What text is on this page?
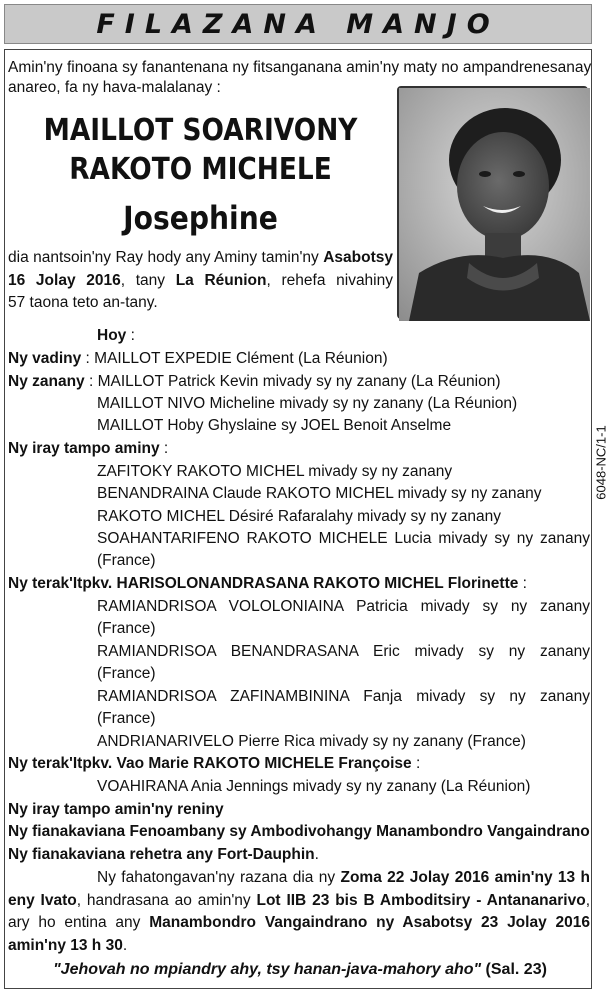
FILAZANA MANJO
Amin'ny finoana sy fanantenana ny fitsanganana amin'ny maty no ampandrenesanay
anareo, fa ny hava-malalanay :
MAILLOT SOARIVONY
RAKOTO MICHELE
Josephine
dia nantsoin'ny Ray hody any Aminy tamin'ny Asabotsy
16 Jolay 2016, tany La Réunion, rehefa nivahiny
57 taona teto an-tany.
Hoy :
Ny vadiny : MAILLOT EXPEDIE Clément (La Réunion)
Ny zanany : MAILLOT Patrick Kevin mivady sy ny zanany (La Réunion)
MAILLOT NIVO Micheline mivady sy ny zanany (La Réunion)
MAILLOT Hoby Ghyslaine sy JOEL Benoit Anselme
Ny iray tampo aminy :
ZAFITOKY RAKOTO MICHEL mivady sy ny zanany
BENANDRAINA Claude RAKOTO MICHEL mivady sy ny zanany
RAKOTO MICHEL Désiré Rafaralahy mivady sy ny zanany
SOAHANTARIFENO RAKOTO MICHELE Lucia mivady sy ny zanany
(France)
Ny terak'Itpkv. HARISOLONANDRASANA RAKOTO MICHEL Florinette :
RAMIANDRISOA VOLOLONIAINA Patricia mivady sy ny zanany
(France)
RAMIANDRISOA BENANDRASANA Eric mivady sy ny zanany
(France)
RAMIANDRISOA ZAFINAMBININA Fanja mivady sy ny zanany
(France)
ANDRIANARIVELO Pierre Rica mivady sy ny zanany (France)
Ny terak'Itpkv. Vao Marie RAKOTO MICHELE Françoise :
VOAHIRANA Ania Jennings mivady sy ny zanany (La Réunion)
Ny iray tampo amin'ny reniny
Ny fianakaviana Fenoambany sy Ambodivohangy Manambondro Vangaindrano
Ny fianakaviana rehetra any Fort-Dauphin.
Ny fahatongavan'ny razana dia ny Zoma 22 Jolay 2016 amin'ny 13 h
eny Ivato, handrasana ao amin'ny Lot IIB 23 bis B Amboditsiry - Antananarivo,
ary ho entina any Manambondro Vangaindrano ny Asabotsy 23 Jolay 2016
amin'ny 13 h 30.
"Jehovah no mpiandry ahy, tsy hanan-java-mahory aho" (Sal. 23)
6048-NC/1-1
